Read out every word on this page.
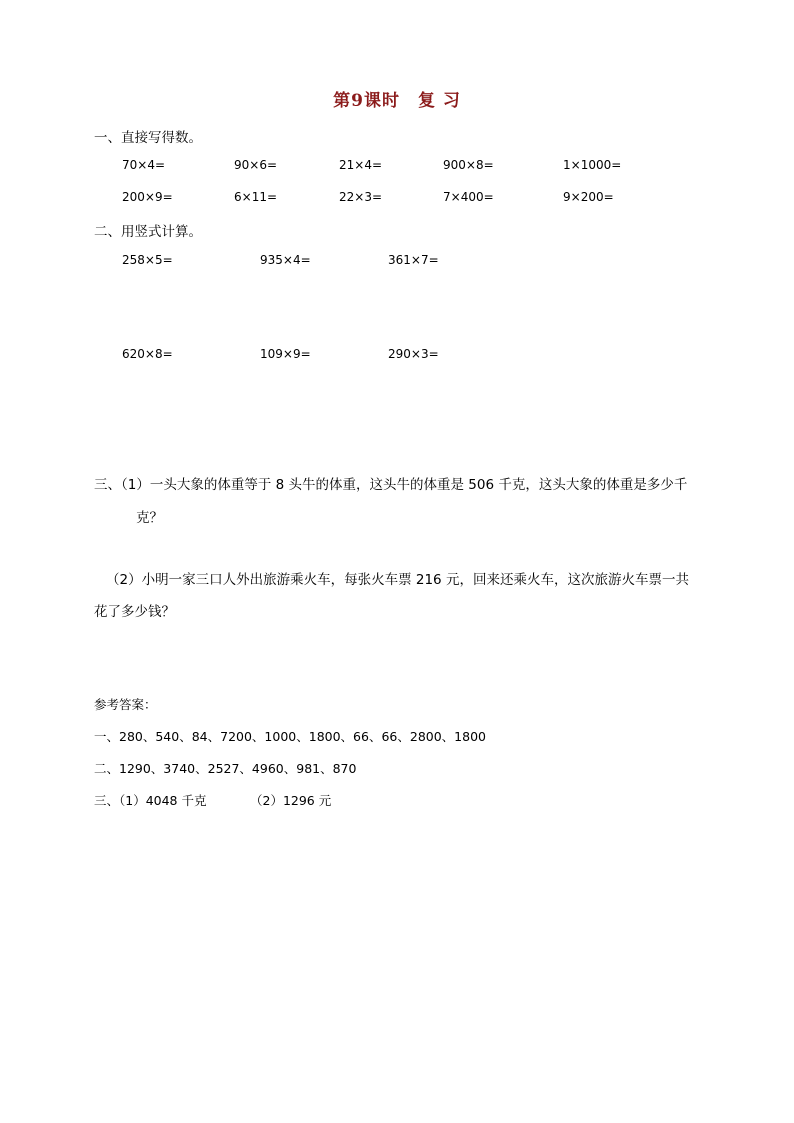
第9课时　复 习
一、直接写得数。
70×4=	90×6=	21×4=	900×8=	1×1000=
200×9=	6×11=	22×3=	7×400=	9×200=
二、用竖式计算。
258×5=	935×4=	361×7=
620×8=	109×9=	290×3=
三、（1）一头大象的体重等于 8 头牛的体重，这头牛的体重是 506 千克，这头大象的体重是多少千
克？
（2）小明一家三口人外出旅游乘火车，每张火车票 216 元，回来还乘火车，这次旅游火车票一共
花了多少钱？
参考答案：
一、280、540、84、7200、1000、1800、66、66、2800、1800
二、1290、3740、2527、4960、981、870
三、（1）4048 千克	（2）1296 元
